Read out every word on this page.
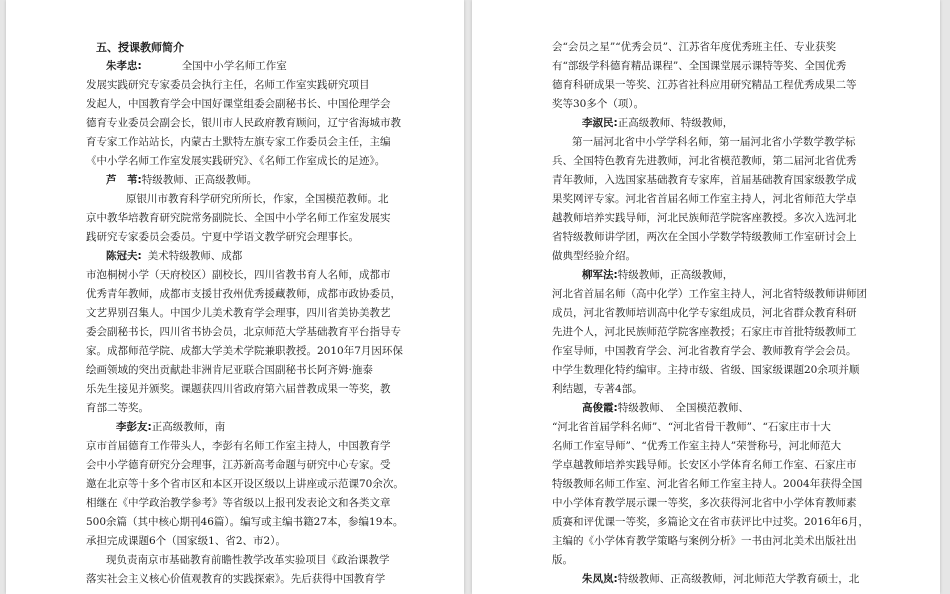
五、授课教师简介
朱孝忠:	全国中小学名师工作室
发展实践研究专家委员会执行主任，名师工作室实践研究项目
发起人，中国教育学会中国好课堂组委会副秘书长、中国伦理学会
德育专业委员会副会长，银川市人民政府教育顾问，辽宁省海城市教
育专家工作站站长，内蒙古土默特左旗专家工作委员会主任，主编
《中小学名师工作室发展实践研究》、《名师工作室成长的足迹》。
芦　苇:特级教师、正高级教师。
原银川市教育科学研究所所长，作家，全国模范教师。北
京中教华培教育研究院常务副院长、全国中小学名师工作室发展实
践研究专家委员会委员。宁夏中学语文教学研究会理事长。
陈冠夫: 美术特级教师、成都
市泡桐树小学（天府校区）副校长，四川省教书育人名师，成都市
优秀青年教师，成都市支援甘孜州优秀援藏教师，成都市政协委员，
文艺界别召集人。中国少儿美术教育学会理事，四川省美协美教艺
委会副秘书长，四川省书协会员，北京师范大学基础教育平台指导专
家。成都师范学院、成都大学美术学院兼职教授。2010年7月因环保
绘画领域的突出贡献赴非洲肯尼亚联合国副秘书长阿齐姆·施泰
乐先生接见并颁奖。课题获四川省政府第六届普教成果一等奖，教
育部二等奖。
李彭友:正高级教师，南
京市首届德育工作带头人，李彭有名师工作室主持人，中国教育学
会中小学德育研究分会理事，江苏新高考命题与研究中心专家。受
邀在北京等十多个省市区和本区开设区级以上讲座或示范课70余次。
相继在《中学政治教学参考》等省级以上报刊发表论文和各类文章
500余篇（其中核心期刊46篇）。编写或主编书籍27本，参编19本。
承担完成课题6个（国家级1、省2、市2）。
现负责南京市基础教育前瞻性教学改革实验项目《政治课教学
落实社会主义核心价值观教育的实践探索》。先后获得中国教育学
会“会员之星”“优秀会员”、江苏省年度优秀班主任、专业获奖
有“部级学科德育精品课程”、全国课堂展示课特等奖、全国优秀
德育科研成果一等奖、江苏省社科应用研究精品工程优秀成果二等
奖等30多个（项）。
李淑民:正高级教师、特级教师，
第一届河北省中小学学科名师，第一届河北省小学数学教学标
兵、全国特色教育先进教师，河北省模范教师，第二届河北省优秀
青年教师，入选国家基础教育专家库，首届基础教育国家级教学成
果奖网评专家。河北省首届名师工作室主持人，河北省师范大学卓
越教师培养实践导师，河北民族师范学院客座教授。多次入选河北
省特级教师讲学团，两次在全国小学数学特级教师工作室研讨会上
做典型经验介绍。
柳军法:特级教师，正高级教师，
河北省首届名师（高中化学）工作室主持人，河北省特级教师讲师团
成员，河北省教师培训高中化学专家组成员，河北省群众教育科研
先进个人，河北民族师范学院客座教授；石家庄市首批特级教师工
作室导师，中国教育学会、河北省教育学会、教师教育学会会员。
中学生数理化特约编审。主持市级、省级、国家级课题20余项并顺
利结题，专著4部。
高俊霞:特级教师、　全国模范教师、
“河北省首届学科名师”、“河北省骨干教师”、“石家庄市十大
名师工作室导师”、“优秀工作室主持人”荣誉称号，河北师范大
学卓越教师培养实践导师。长安区小学体育名师工作室、石家庄市
特级教师名师工作室、河北省名师工作室主持人。2004年获得全国
中小学体育教学展示课一等奖，多次获得河北省中小学体育教师素
质赛和评优课一等奖，多篇论文在省市获评比中过奖。2016年6月，
主编的《小学体育教学策略与案例分析》一书由河北美术出版社出
版。
朱凤岚:特级教师、正高级教师，河北师范大学教育硕士，北
